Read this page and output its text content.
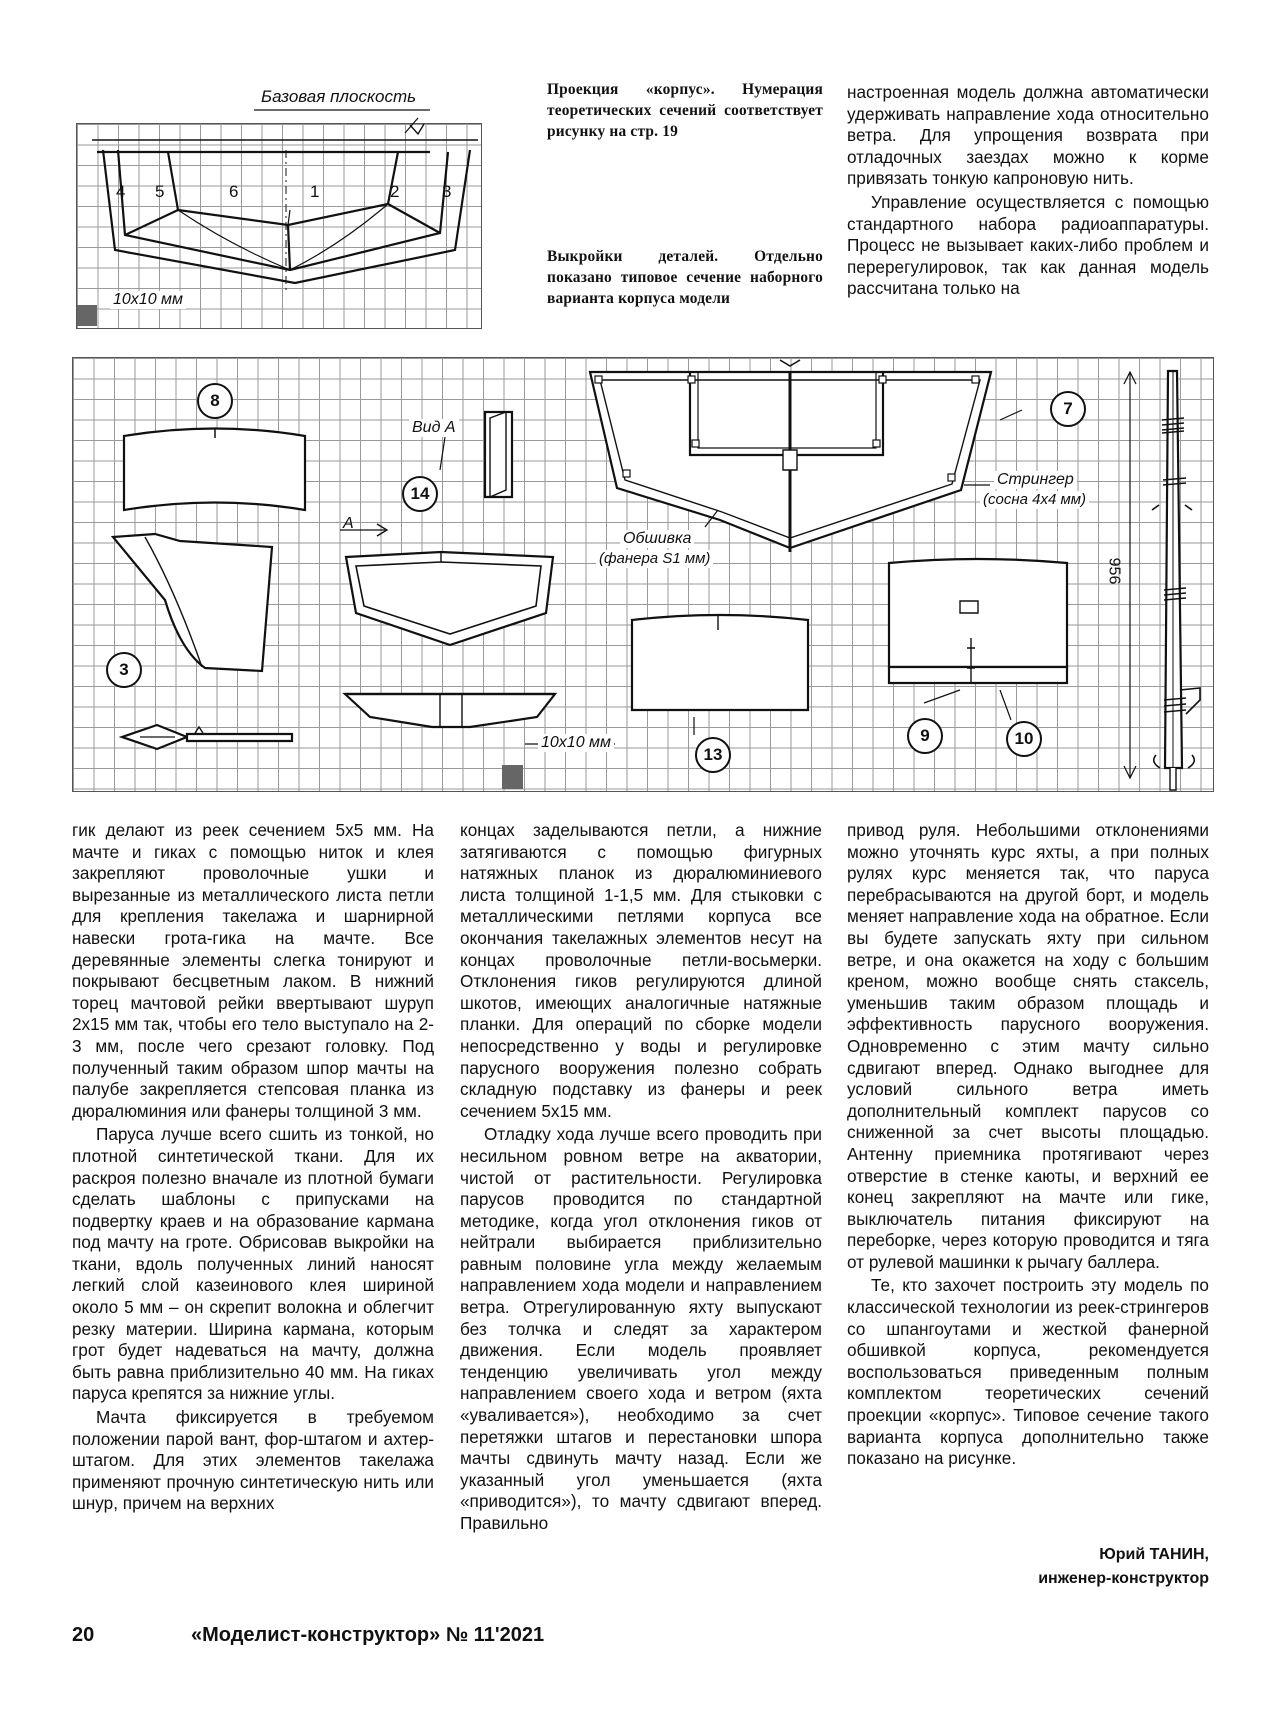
Базовая плоскость
4 5	6	1	2	3
10x10 мм
Проекция «корпус». Нумерация теоретических сечений соответствует рисунку на стр. 19
Выкройки деталей. Отдельно показано типовое сечение наборного варианта корпуса модели

настроенная модель должна автоматически удерживать направление хода относительно ветра. Для упрощения возврата при отладочных заездах можно к корме привязать тонкую капроновую нить.

Управление осуществляется с помощью стандартного набора радиоаппаратуры. Процесс не вызывает каких-либо проблем и перерегулировок, так как данная модель рассчитана только на

8
14
3
13
7
9	10
Вид А
А
Обшивка
(фанера S1 мм)
Стрингер
(сосна 4х4 мм)
956
10x10 мм

гик делают из реек сечением 5х5 мм. На мачте и гиках с помощью ниток и клея закрепляют проволочные ушки и вырезанные из металлического листа петли для крепления такелажа и шарнирной навески грота-гика на мачте. Все деревянные элементы слегка тонируют и покрывают бесцветным лаком. В нижний торец мачтовой рейки ввертывают шуруп 2х15 мм так, чтобы его тело выступало на 2-3 мм, после чего срезают головку. Под полученный таким образом шпор мачты на палубе закрепляется степсовая планка из дюралюминия или фанеры толщиной 3 мм.

Паруса лучше всего сшить из тонкой, но плотной синтетической ткани. Для их раскроя полезно вначале из плотной бумаги сделать шаблоны с припусками на подвертку краев и на образование кармана под мачту на гроте. Обрисовав выкройки на ткани, вдоль полученных линий наносят легкий слой казеинового клея шириной около 5 мм – он скрепит волокна и облегчит резку материи. Ширина кармана, которым грот будет надеваться на мачту, должна быть равна приблизительно 40 мм. На гиках паруса крепятся за нижние углы.

Мачта фиксируется в требуемом положении парой вант, фор-штагом и ахтер-штагом. Для этих элементов такелажа применяют прочную синтетическую нить или шнур, причем на верхних

концах заделываются петли, а нижние затягиваются с помощью фигурных натяжных планок из дюралюминиевого листа толщиной 1-1,5 мм. Для стыковки с металлическими петлями корпуса все окончания такелажных элементов несут на концах проволочные петли-восьмерки. Отклонения гиков регулируются длиной шкотов, имеющих аналогичные натяжные планки. Для операций по сборке модели непосредственно у воды и регулировке парусного вооружения полезно собрать складную подставку из фанеры и реек сечением 5х15 мм.

Отладку хода лучше всего проводить при несильном ровном ветре на акватории, чистой от растительности. Регулировка парусов проводится по стандартной методике, когда угол отклонения гиков от нейтрали выбирается приблизительно равным половине угла между желаемым направлением хода модели и направлением ветра. Отрегулированную яхту выпускают без толчка и следят за характером движения. Если модель проявляет тенденцию увеличивать угол между направлением своего хода и ветром (яхта «уваливается»), необходимо за счет перетяжки штагов и перестановки шпора мачты сдвинуть мачту назад. Если же указанный угол уменьшается (яхта «приводится»), то мачту сдвигают вперед. Правильно

привод руля. Небольшими отклонениями можно уточнять курс яхты, а при полных рулях курс меняется так, что паруса перебрасываются на другой борт, и модель меняет направление хода на обратное. Если вы будете запускать яхту при сильном ветре, и она окажется на ходу с большим креном, можно вообще снять стаксель, уменьшив таким образом площадь и эффективность парусного вооружения. Одновременно с этим мачту сильно сдвигают вперед. Однако выгоднее для условий сильного ветра иметь дополнительный комплект парусов со сниженной за счет высоты площадью. Антенну приемника протягивают через отверстие в стенке каюты, и верхний ее конец закрепляют на мачте или гике, выключатель питания фиксируют на переборке, через которую проводится и тяга от рулевой машинки к рычагу баллера.

Те, кто захочет построить эту модель по классической технологии из реек-стрингеров со шпангоутами и жесткой фанерной обшивкой корпуса, рекомендуется воспользоваться приведенным полным комплектом теоретических сечений проекции «корпус». Типовое сечение такого варианта корпуса дополнительно также показано на рисунке.

Юрий ТАНИН,
инженер-конструктор
20	«Моделист-конструктор» № 11'2021
